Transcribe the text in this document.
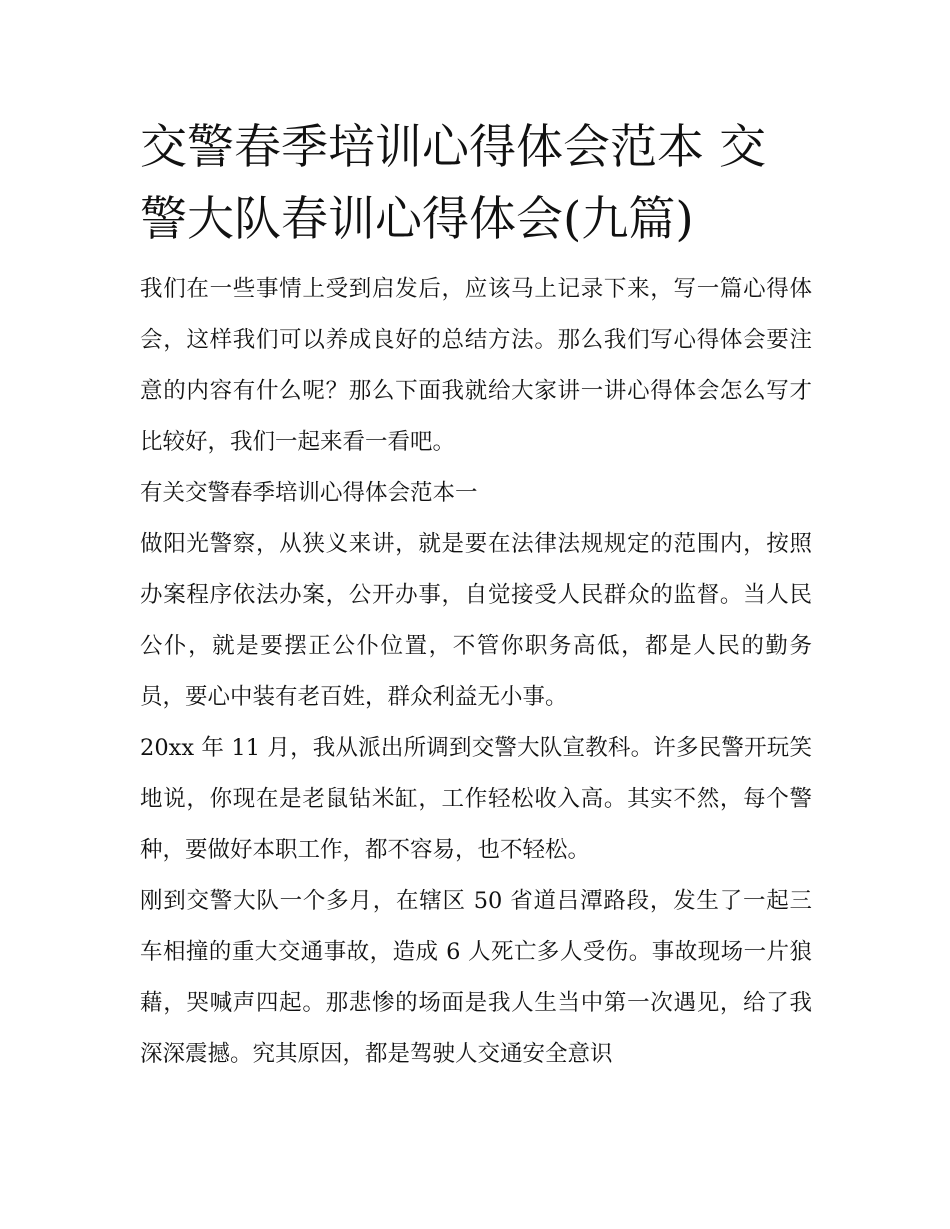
交警春季培训心得体会范本 交警大队春训心得体会(九篇)

我们在一些事情上受到启发后，应该马上记录下来，写一篇心得体会，这样我们可以养成良好的总结方法。那么我们写心得体会要注意的内容有什么呢？那么下面我就给大家讲一讲心得体会怎么写才比较好，我们一起来看一看吧。

有关交警春季培训心得体会范本一

做阳光警察，从狭义来讲，就是要在法律法规规定的范围内，按照办案程序依法办案，公开办事，自觉接受人民群众的监督。当人民公仆，就是要摆正公仆位置，不管你职务高低，都是人民的勤务员，要心中装有老百姓，群众利益无小事。

20xx 年 11 月，我从派出所调到交警大队宣教科。许多民警开玩笑地说，你现在是老鼠钻米缸，工作轻松收入高。其实不然，每个警种，要做好本职工作，都不容易，也不轻松。

刚到交警大队一个多月，在辖区 50 省道吕潭路段，发生了一起三车相撞的重大交通事故，造成 6 人死亡多人受伤。事故现场一片狼藉，哭喊声四起。那悲惨的场面是我人生当中第一次遇见，给了我深深震撼。究其原因，都是驾驶人交通安全意识
